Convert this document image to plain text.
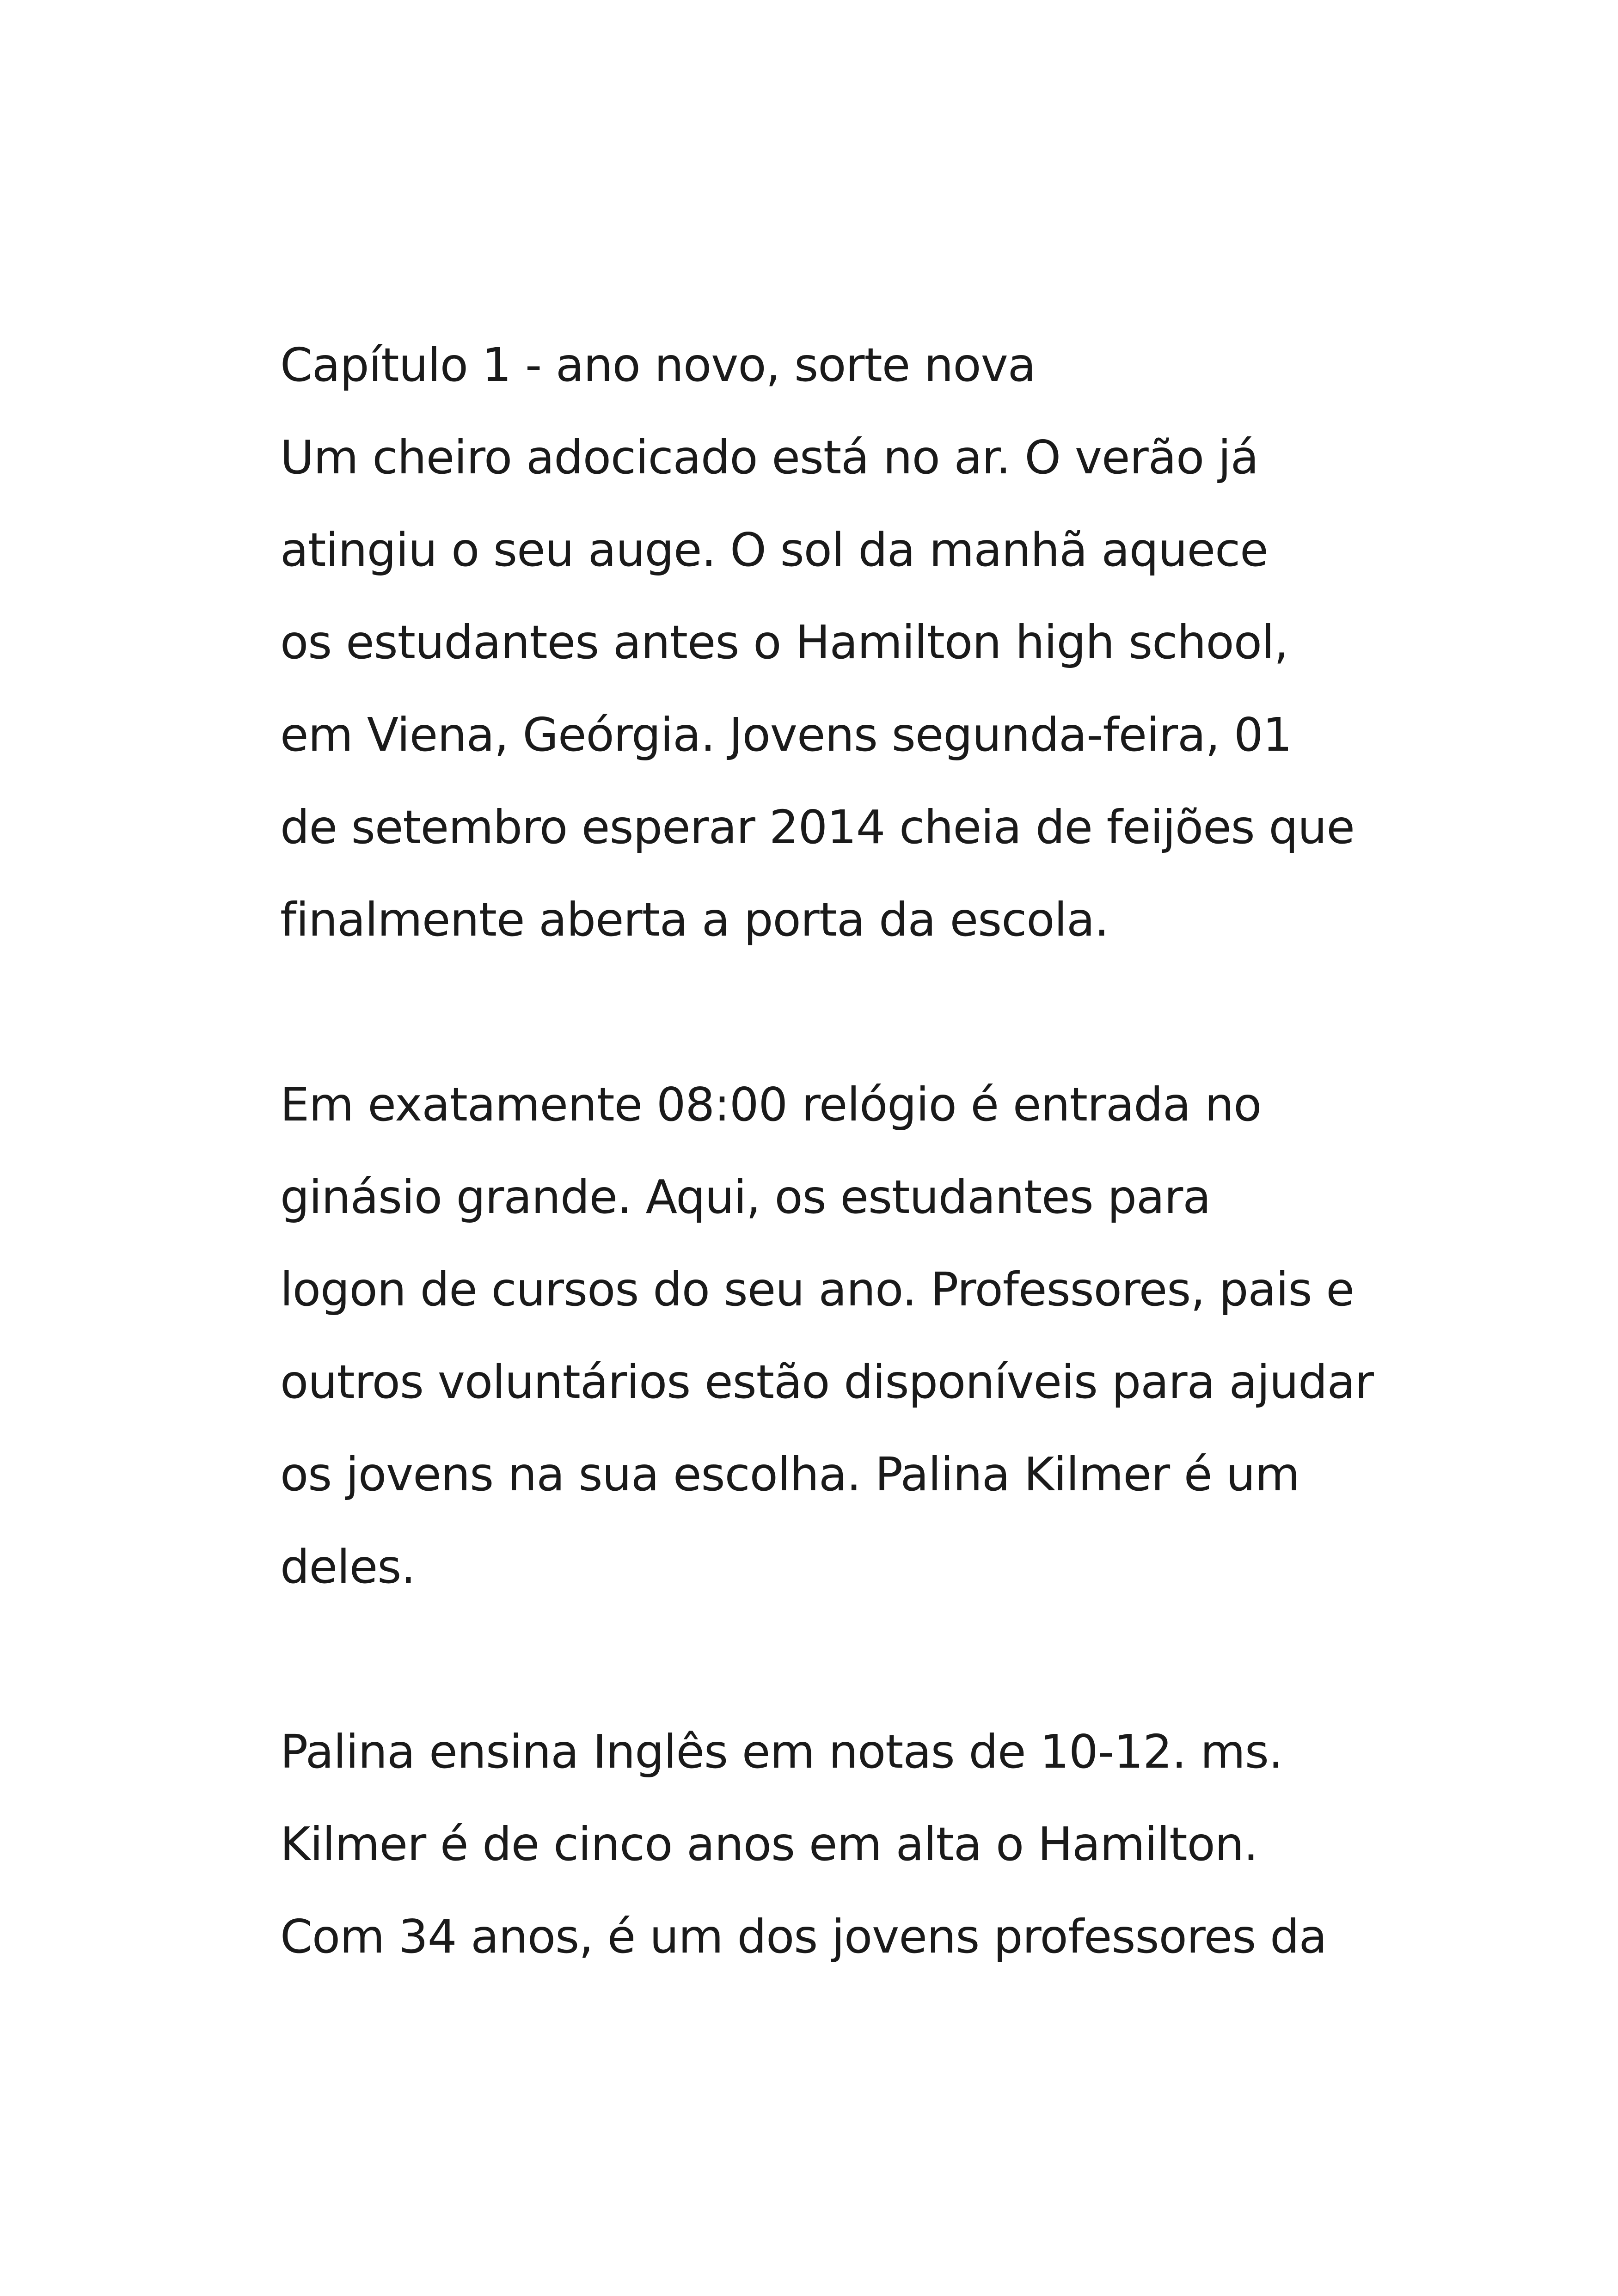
Capítulo 1 - ano novo, sorte nova
Um cheiro adocicado está no ar. O verão já
atingiu o seu auge. O sol da manhã aquece
os estudantes antes o Hamilton high school,
em Viena, Geórgia. Jovens segunda-feira, 01
de setembro esperar 2014 cheia de feijões que
finalmente aberta a porta da escola.
Em exatamente 08:00 relógio é entrada no
ginásio grande. Aqui, os estudantes para
logon de cursos do seu ano. Professores, pais e
outros voluntários estão disponíveis para ajudar
os jovens na sua escolha. Palina Kilmer é um
deles.
Palina ensina Inglês em notas de 10-12. ms.
Kilmer é de cinco anos em alta o Hamilton.
Com 34 anos, é um dos jovens professores da
